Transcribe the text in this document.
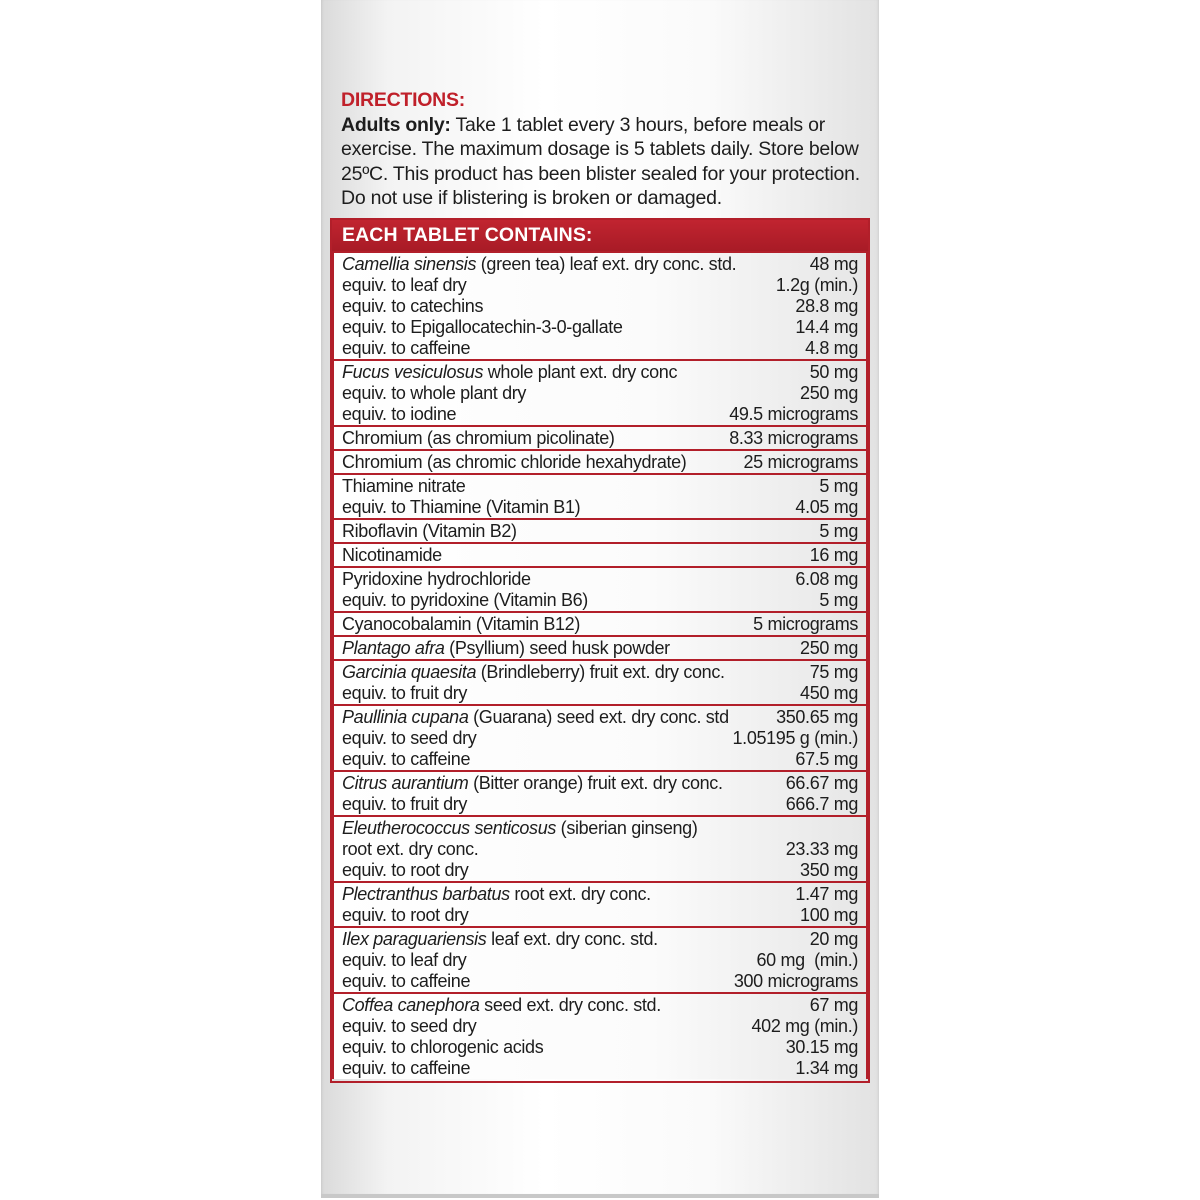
DIRECTIONS:
Adults only: Take 1 tablet every 3 hours, before meals or exercise. The maximum dosage is 5 tablets daily. Store below 25ºC. This product has been blister sealed for your protection. Do not use if blistering is broken or damaged.
EACH TABLET CONTAINS:
Camellia sinensis (green tea) leaf ext. dry conc. std.	48 mg
equiv. to leaf dry	1.2g (min.)
equiv. to catechins	28.8 mg
equiv. to Epigallocatechin-3-0-gallate	14.4 mg
equiv. to caffeine	4.8 mg
Fucus vesiculosus whole plant ext. dry conc	50 mg
equiv. to whole plant dry	250 mg
equiv. to iodine	49.5 micrograms
Chromium (as chromium picolinate)	8.33 micrograms
Chromium (as chromic chloride hexahydrate)	25 micrograms
Thiamine nitrate	5 mg
equiv. to Thiamine (Vitamin B1)	4.05 mg
Riboflavin (Vitamin B2)	5 mg
Nicotinamide	16 mg
Pyridoxine hydrochloride	6.08 mg
equiv. to pyridoxine (Vitamin B6)	5 mg
Cyanocobalamin (Vitamin B12)	5 micrograms
Plantago afra (Psyllium) seed husk powder	250 mg
Garcinia quaesita (Brindleberry) fruit ext. dry conc.	75 mg
equiv. to fruit dry	450 mg
Paullinia cupana (Guarana) seed ext. dry conc. std	350.65 mg
equiv. to seed dry	1.05195 g (min.)
equiv. to caffeine	67.5 mg
Citrus aurantium (Bitter orange) fruit ext. dry conc.	66.67 mg
equiv. to fruit dry	666.7 mg
Eleutherococcus senticosus (siberian ginseng)
root ext. dry conc.	23.33 mg
equiv. to root dry	350 mg
Plectranthus barbatus root ext. dry conc.	1.47 mg
equiv. to root dry	100 mg
Ilex paraguariensis leaf ext. dry conc. std.	20 mg
equiv. to leaf dry	60 mg  (min.)
equiv. to caffeine	300 micrograms
Coffea canephora seed ext. dry conc. std.	67 mg
equiv. to seed dry	402 mg (min.)
equiv. to chlorogenic acids	30.15 mg
equiv. to caffeine	1.34 mg
